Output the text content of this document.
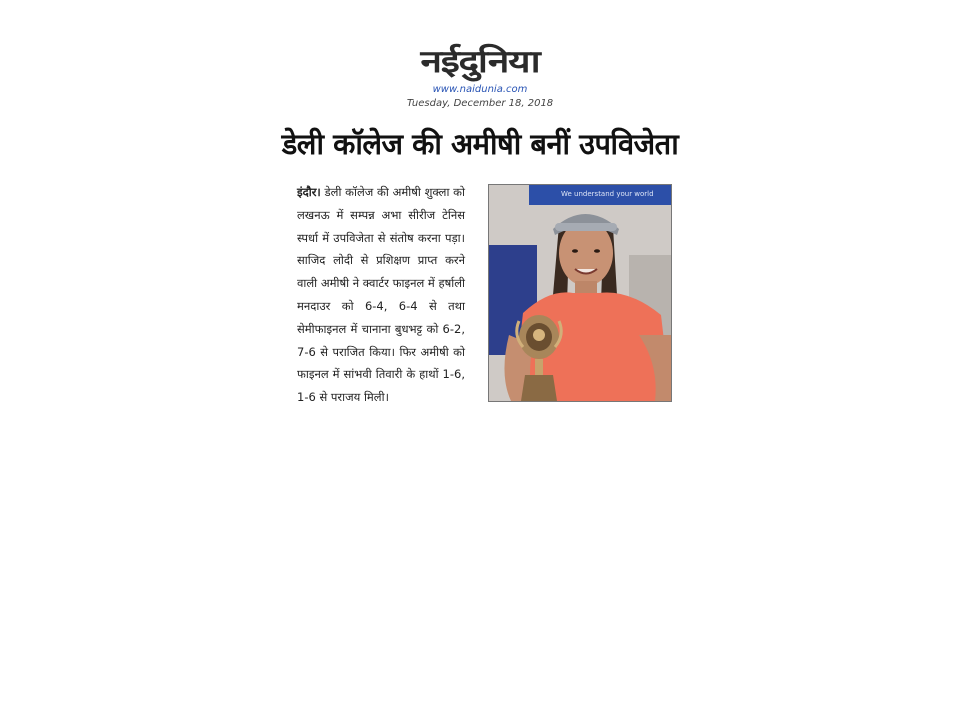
नईदुनिया
www.naidunia.com
Tuesday, December 18, 2018
डेली कॉलेज की अमीषी बनीं उपविजेता
इंदौर। डेली कॉलेज की अमीषी शुक्ला को लखनऊ में सम्पन्न अभा सीरीज टेनिस स्पर्धा में उपविजेता से संतोष करना पड़ा। साजिद लोदी से प्रशिक्षण प्राप्त करने वाली अमीषी ने क्वार्टर फाइनल में हर्षाली मनदाउर को 6-4, 6-4 से तथा सेमीफाइनल में चानाना बुधभट्ट को 6-2, 7-6 से पराजित किया। फिर अमीषी को फाइनल में सांभवी तिवारी के हाथों 1-6, 1-6 से पराजय मिली।
We understand your world
